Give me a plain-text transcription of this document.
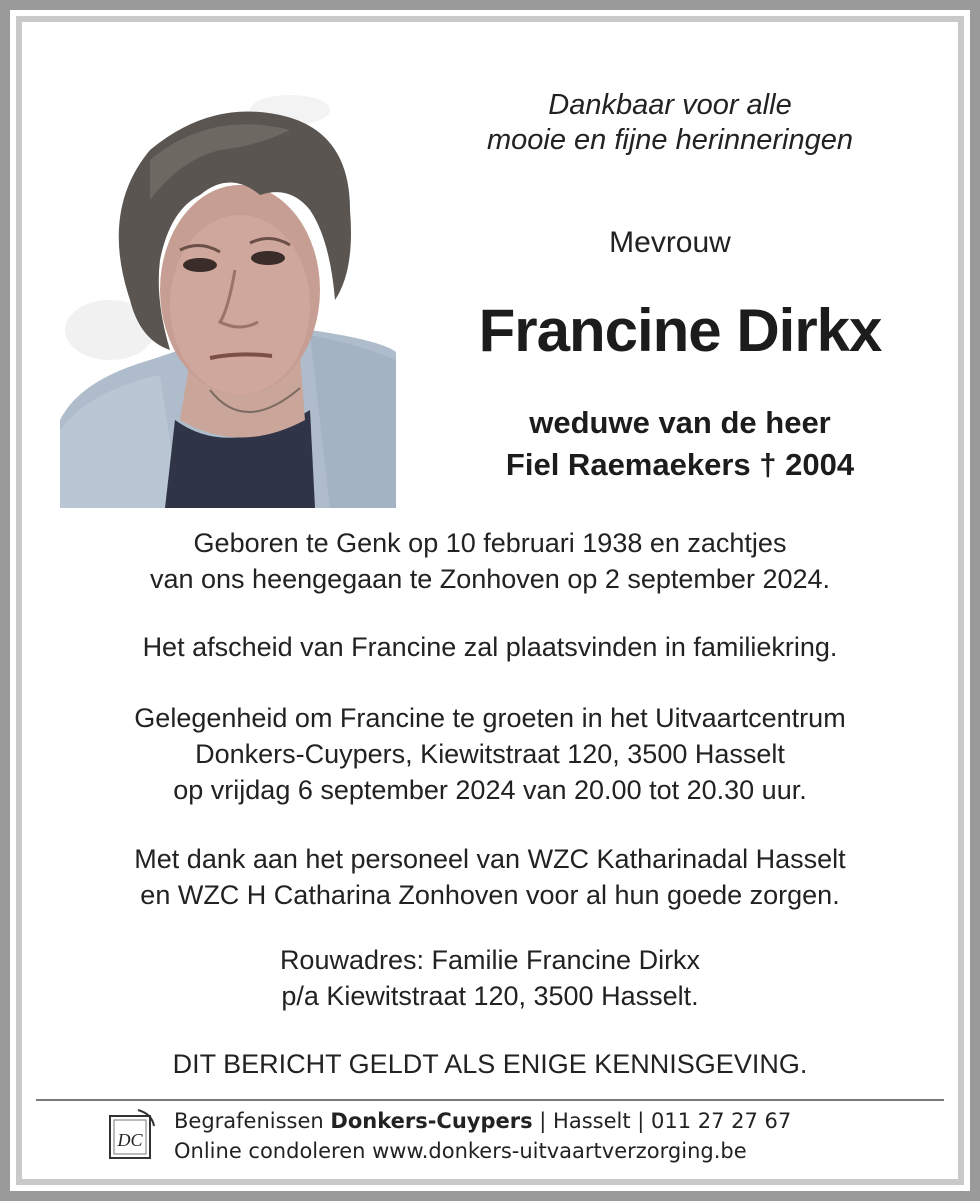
Dankbaar voor alle
mooie en fijne herinneringen
Mevrouw
Francine Dirkx
weduwe van de heer
Fiel Raemaekers † 2004
Geboren te Genk op 10 februari 1938 en zachtjes
van ons heengegaan te Zonhoven op 2 september 2024.
Het afscheid van Francine zal plaatsvinden in familiekring.
Gelegenheid om Francine te groeten in het Uitvaartcentrum
Donkers-Cuypers, Kiewitstraat 120, 3500 Hasselt
op vrijdag 6 september 2024 van 20.00 tot 20.30 uur.
Met dank aan het personeel van WZC Katharinadal Hasselt
en WZC H Catharina Zonhoven voor al hun goede zorgen.
Rouwadres: Familie Francine Dirkx
p/a Kiewitstraat 120, 3500 Hasselt.
DIT BERICHT GELDT ALS ENIGE KENNISGEVING.
DC
Begrafenissen Donkers-Cuypers | Hasselt | 011 27 27 67
Online condoleren www.donkers-uitvaartverzorging.be
